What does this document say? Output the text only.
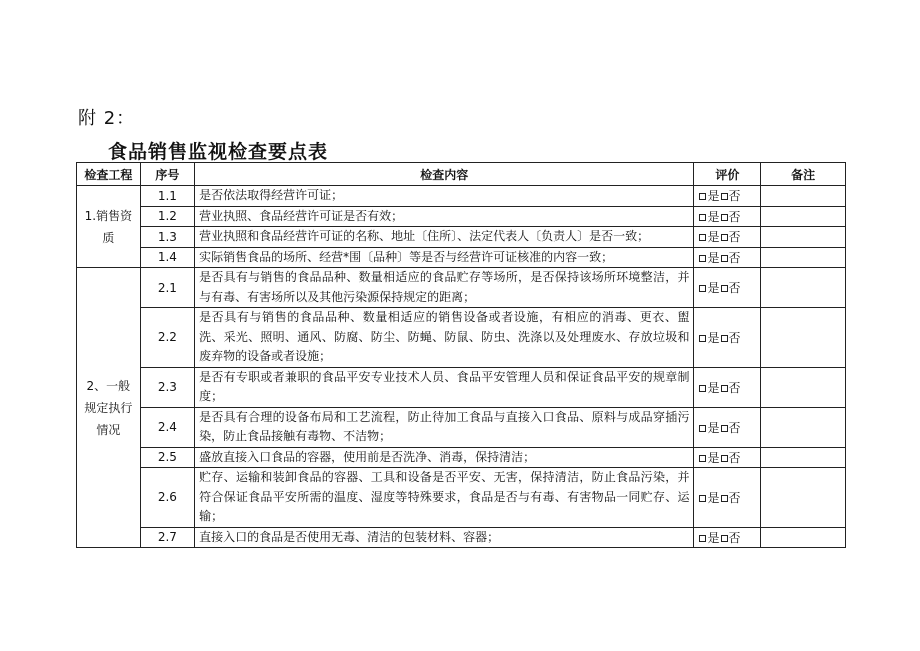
附 2：
食品销售监视检查要点表
检查工程	序号	检查内容	评价	备注
1.销售资质	1.1	是否依法取得经营许可证；	是 否	
	1.2	营业执照、食品经营许可证是否有效；	是 否	
	1.3	营业执照和食品经营许可证的名称、地址〔住所〕、法定代表人〔负责人〕是否一致；	是 否	
	1.4	实际销售食品的场所、经营*围〔品种〕等是否与经营许可证核准的内容一致；	是 否	
2、一般规定执行情况	2.1	是否具有与销售的食品品种、数量相适应的食品贮存等场所，是否保持该场所环境整洁，并与有毒、有害场所以及其他污染源保持规定的距离；	是 否	
	2.2	是否具有与销售的食品品种、数量相适应的销售设备或者设施，有相应的消毒、更衣、盥洗、采光、照明、通风、防腐、防尘、防蝇、防鼠、防虫、洗涤以及处理废水、存放垃圾和废弃物的设备或者设施；	是 否	
	2.3	是否有专职或者兼职的食品平安专业技术人员、食品平安管理人员和保证食品平安的规章制度；	是 否	
	2.4	是否具有合理的设备布局和工艺流程，防止待加工食品与直接入口食品、原料与成品穿插污染，防止食品接触有毒物、不洁物；	是 否	
	2.5	盛放直接入口食品的容器，使用前是否洗净、消毒，保持清洁；	是 否	
	2.6	贮存、运输和装卸食品的容器、工具和设备是否平安、无害，保持清洁，防止食品污染，并符合保证食品平安所需的温度、湿度等特殊要求，食品是否与有毒、有害物品一同贮存、运输；	是 否	
	2.7	直接入口的食品是否使用无毒、清洁的包装材料、容器；	是 否	
